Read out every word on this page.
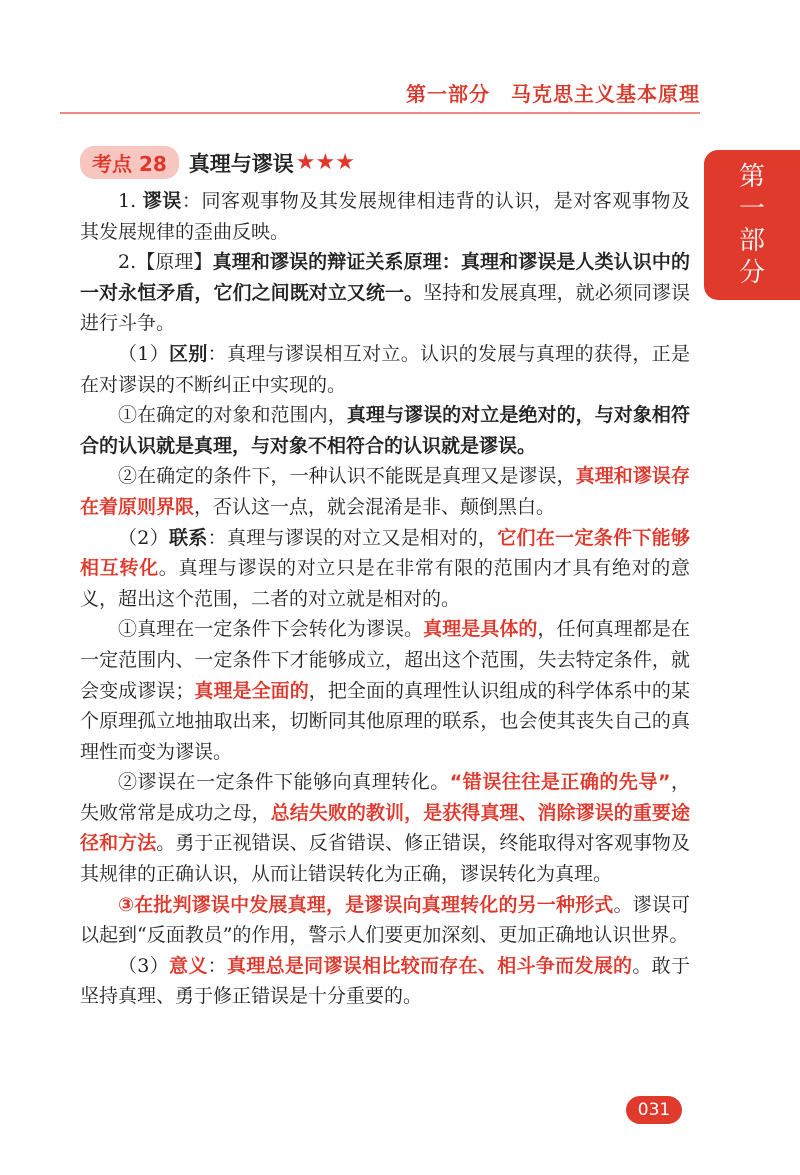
第一部分　马克思主义基本原理
第
一
部
分
考点 28	真理与谬误 ★★★

1. 谬误：同客观事物及其发展规律相违背的认识，是对客观事物及其发展规律的歪曲反映。

2.【原理】真理和谬误的辩证关系原理：真理和谬误是人类认识中的一对永恒矛盾，它们之间既对立又统一。坚持和发展真理，就必须同谬误进行斗争。

（1）区别：真理与谬误相互对立。认识的发展与真理的获得，正是在对谬误的不断纠正中实现的。

①在确定的对象和范围内，真理与谬误的对立是绝对的，与对象相符合的认识就是真理，与对象不相符合的认识就是谬误。

②在确定的条件下，一种认识不能既是真理又是谬误，真理和谬误存在着原则界限，否认这一点，就会混淆是非、颠倒黑白。

（2）联系：真理与谬误的对立又是相对的，它们在一定条件下能够相互转化。真理与谬误的对立只是在非常有限的范围内才具有绝对的意义，超出这个范围，二者的对立就是相对的。

①真理在一定条件下会转化为谬误。真理是具体的，任何真理都是在一定范围内、一定条件下才能够成立，超出这个范围，失去特定条件，就会变成谬误；真理是全面的，把全面的真理性认识组成的科学体系中的某个原理孤立地抽取出来，切断同其他原理的联系，也会使其丧失自己的真理性而变为谬误。

②谬误在一定条件下能够向真理转化。“错误往往是正确的先导”，失败常常是成功之母，总结失败的教训，是获得真理、消除谬误的重要途径和方法。勇于正视错误、反省错误、修正错误，终能取得对客观事物及其规律的正确认识，从而让错误转化为正确，谬误转化为真理。

③在批判谬误中发展真理，是谬误向真理转化的另一种形式。谬误可以起到“反面教员”的作用，警示人们要更加深刻、更加正确地认识世界。

（3）意义：真理总是同谬误相比较而存在、相斗争而发展的。敢于坚持真理、勇于修正错误是十分重要的。

031
